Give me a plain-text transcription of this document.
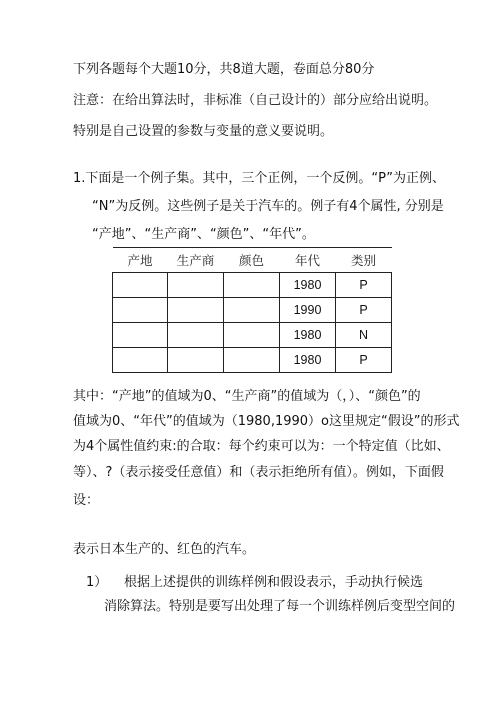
下列各题每个大题10分，共8道大题，卷面总分80分
注意：在给出算法时，非标准（自己设计的）部分应给出说明。
特别是自己设置的参数与变量的意义要说明。
1.下面是一个例子集。其中，三个正例，一个反例。“P”为正例、
“N”为反例。这些例子是关于汽车的。例子有4个属性, 分别是
“产地”、“生产商”、“颜色”、“年代”。
产地	生产商	颜色	年代	类别
			1980	P
			1990	P
			1980	N
			1980	P
其中：“产地”的值域为0、“生产商”的值域为（，）、“颜色”的
值域为0、“年代”的值域为（1980,1990）o这里规定“假设”的形式
为4个属性值约束:的合取：每个约束可以为：一个特定值（比如、
等）、?（表示接受任意值）和（表示拒绝所有值）。例如，下面假
设：
表示日本生产的、红色的汽车。
1） 根据上述提供的训练样例和假设表示，手动执行候选
消除算法。特别是要写出处理了每一个训练样例后变型空间的
